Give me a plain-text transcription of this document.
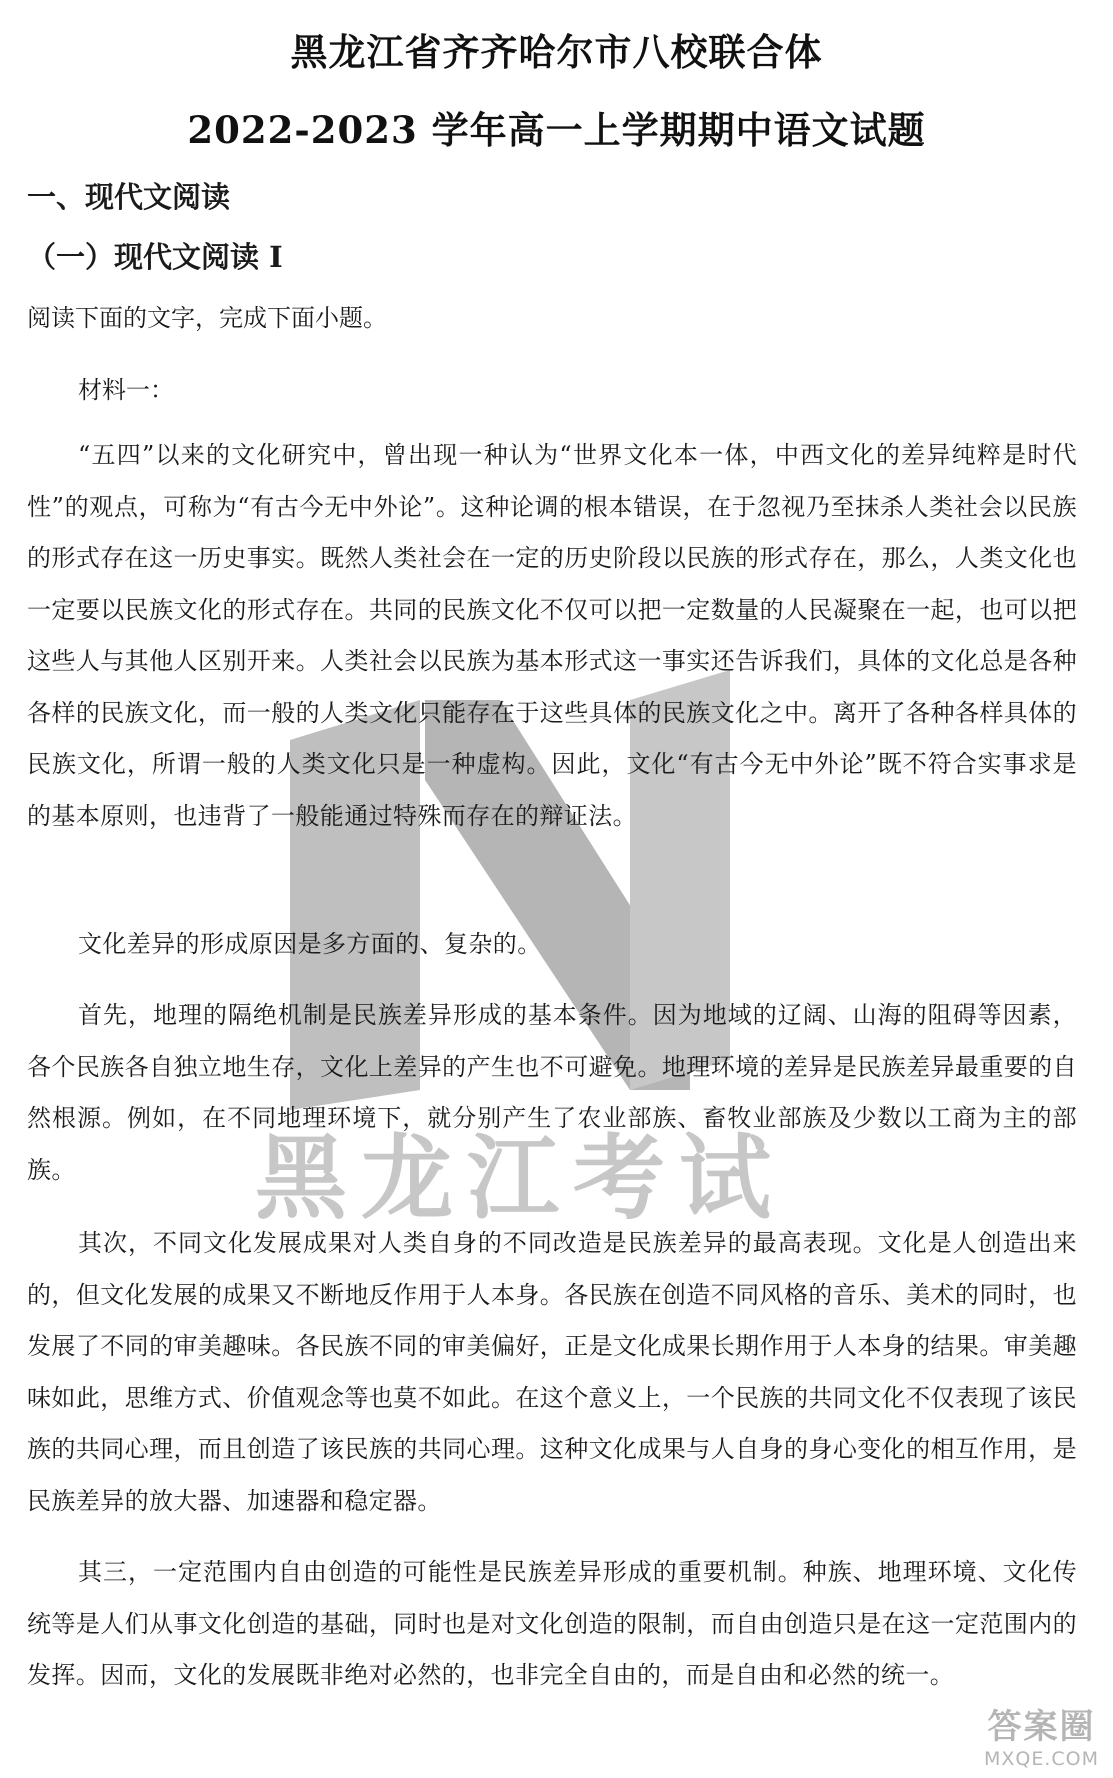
黑龙江考试
黑龙江省齐齐哈尔市八校联合体
2022-2023 学年高一上学期期中语文试题
一、现代文阅读
（一）现代文阅读 I
阅读下面的文字，完成下面小题。
材料一：
“五四”以来的文化研究中，曾出现一种认为“世界文化本一体，中西文化的差异纯粹是时代性”的观点，可称为“有古今无中外论”。这种论调的根本错误，在于忽视乃至抹杀人类社会以民族的形式存在这一历史事实。既然人类社会在一定的历史阶段以民族的形式存在，那么，人类文化也一定要以民族文化的形式存在。共同的民族文化不仅可以把一定数量的人民凝聚在一起，也可以把这些人与其他人区别开来。人类社会以民族为基本形式这一事实还告诉我们，具体的文化总是各种各样的民族文化，而一般的人类文化只能存在于这些具体的民族文化之中。离开了各种各样具体的民族文化，所谓一般的人类文化只是一种虚构。因此，文化“有古今无中外论”既不符合实事求是的基本原则，也违背了一般能通过特殊而存在的辩证法。
文化差异的形成原因是多方面的、复杂的。
首先，地理的隔绝机制是民族差异形成的基本条件。因为地域的辽阔、山海的阻碍等因素，各个民族各自独立地生存，文化上差异的产生也不可避免。地理环境的差异是民族差异最重要的自然根源。例如，在不同地理环境下，就分别产生了农业部族、畜牧业部族及少数以工商为主的部族。
其次，不同文化发展成果对人类自身的不同改造是民族差异的最高表现。文化是人创造出来的，但文化发展的成果又不断地反作用于人本身。各民族在创造不同风格的音乐、美术的同时，也发展了不同的审美趣味。各民族不同的审美偏好，正是文化成果长期作用于人本身的结果。审美趣味如此，思维方式、价值观念等也莫不如此。在这个意义上，一个民族的共同文化不仅表现了该民族的共同心理，而且创造了该民族的共同心理。这种文化成果与人自身的身心变化的相互作用，是民族差异的放大器、加速器和稳定器。
其三，一定范围内自由创造的可能性是民族差异形成的重要机制。种族、地理环境、文化传统等是人们从事文化创造的基础，同时也是对文化创造的限制，而自由创造只是在这一定范围内的发挥。因而，文化的发展既非绝对必然的，也非完全自由的，而是自由和必然的统一。
答案圈
MXQE.COM
